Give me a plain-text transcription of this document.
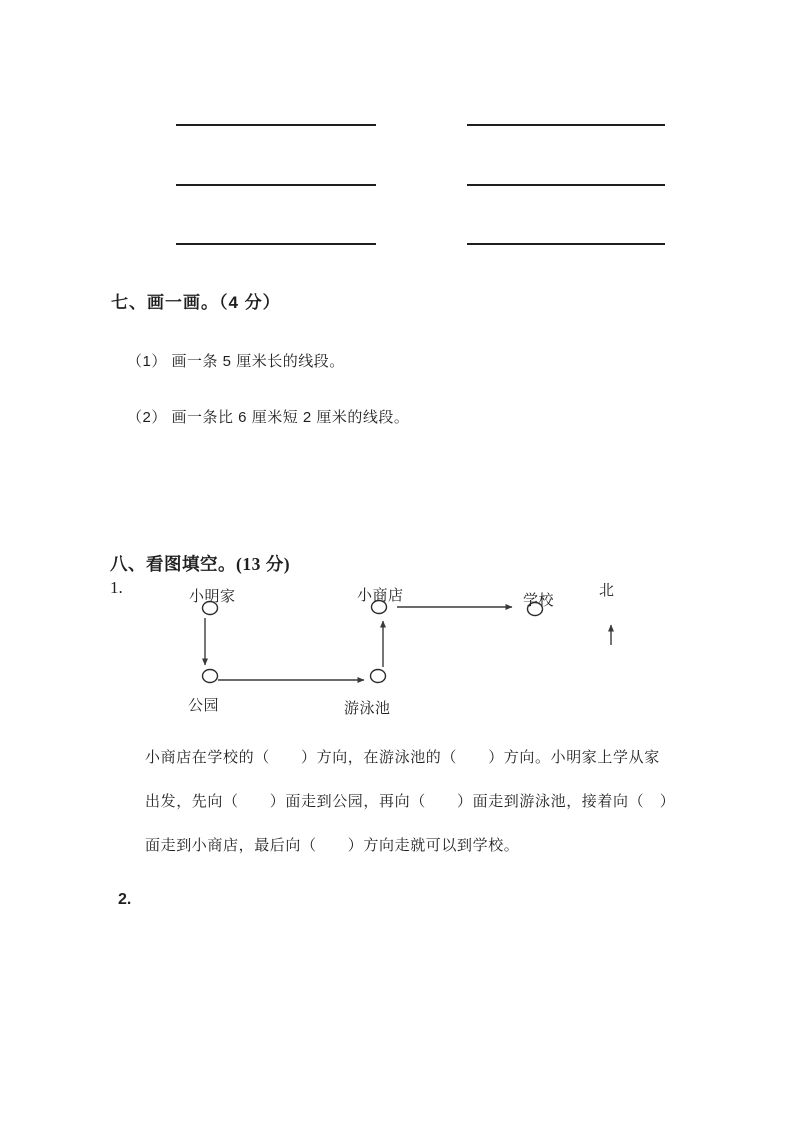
七、画一画。（4 分）
（1） 画一条 5 厘米长的线段。
（2） 画一条比 6 厘米短 2 厘米的线段。
八、看图填空。(13 分)
1.	小明家	小商店	学校
北
公园	游泳池
小商店在学校的（　　）方向，在游泳池的（　　）方向。小明家上学从家
出发，先向（　　）面走到公园，再向（　　）面走到游泳池，接着向（　）
面走到小商店，最后向（　　）方向走就可以到学校。
2.
